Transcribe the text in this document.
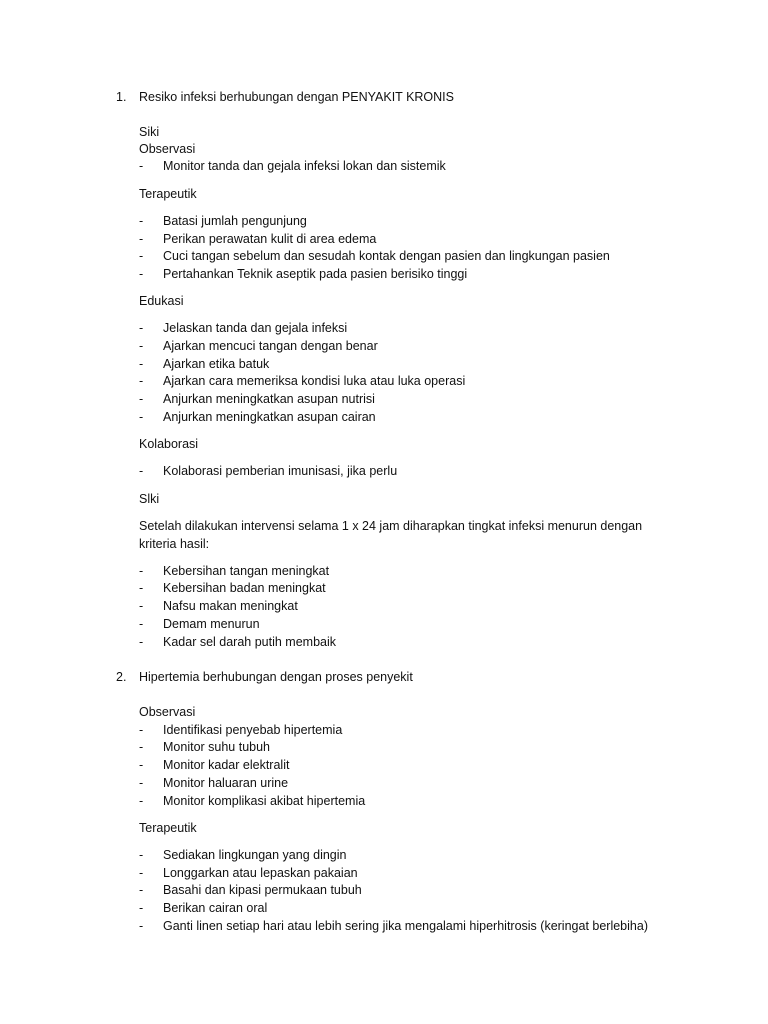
1. Resiko infeksi berhubungan dengan PENYAKIT KRONIS
Siki
Observasi
- Monitor tanda dan gejala infeksi lokan dan sistemik
Terapeutik
- Batasi jumlah pengunjung
- Perikan perawatan kulit di area edema
- Cuci tangan sebelum dan sesudah kontak dengan pasien dan lingkungan pasien
- Pertahankan Teknik aseptik pada pasien berisiko tinggi
Edukasi
- Jelaskan tanda dan gejala infeksi
- Ajarkan mencuci tangan dengan benar
- Ajarkan etika batuk
- Ajarkan cara memeriksa kondisi luka atau luka operasi
- Anjurkan meningkatkan asupan nutrisi
- Anjurkan meningkatkan asupan cairan
Kolaborasi
- Kolaborasi pemberian imunisasi, jika perlu
Slki
Setelah dilakukan intervensi selama 1 x 24 jam diharapkan tingkat infeksi menurun dengan
kriteria hasil:
- Kebersihan tangan meningkat
- Kebersihan badan meningkat
- Nafsu makan meningkat
- Demam menurun
- Kadar sel darah putih membaik
2. Hipertemia berhubungan dengan proses penyekit
Observasi
- Identifikasi penyebab hipertemia
- Monitor suhu tubuh
- Monitor kadar elektralit
- Monitor haluaran urine
- Monitor komplikasi akibat hipertemia
Terapeutik
- Sediakan lingkungan yang dingin
- Longgarkan atau lepaskan pakaian
- Basahi dan kipasi permukaan tubuh
- Berikan cairan oral
- Ganti linen setiap hari atau lebih sering jika mengalami hiperhitrosis (keringat berlebiha)
